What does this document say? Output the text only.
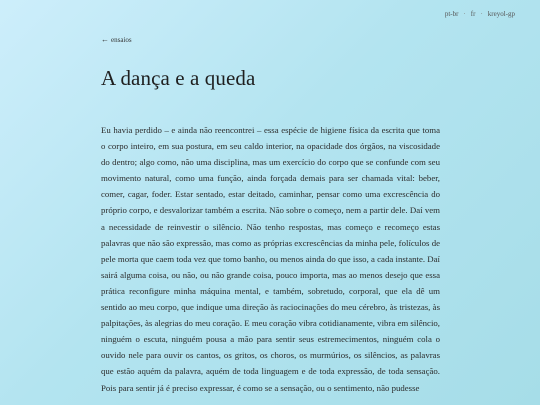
pt-br · fr · kreyol-gp
← ensaios
A dança e a queda

Eu havia perdido – e ainda não reencontrei – essa espécie de higiene física da escrita que toma o corpo inteiro, em sua postura, em seu caldo interior, na opacidade dos órgãos, na viscosidade do dentro; algo como, não uma disciplina, mas um exercício do corpo que se confunde com seu movimento natural, como uma função, ainda forçada demais para ser chamada vital: beber, comer, cagar, foder. Estar sentado, estar deitado, caminhar, pensar como uma excrescência do próprio corpo, e desvalorizar também a escrita. Não sobre o começo, nem a partir dele. Daí vem a necessidade de reinvestir o silêncio. Não tenho respostas, mas começo e recomeço estas palavras que não são expressão, mas como as próprias excrescências da minha pele, folículos de pele morta que caem toda vez que tomo banho, ou menos ainda do que isso, a cada instante. Daí sairá alguma coisa, ou não, ou não grande coisa, pouco importa, mas ao menos desejo que essa prática reconfigure minha máquina mental, e também, sobretudo, corporal, que ela dê um sentido ao meu corpo, que indique uma direção às raciocinações do meu cérebro, às tristezas, às palpitações, às alegrias do meu coração. E meu coração vibra cotidianamente, vibra em silêncio, ninguém o escuta, ninguém pousa a mão para sentir seus estremecimentos, ninguém cola o ouvido nele para ouvir os cantos, os gritos, os choros, os murmúrios, os silêncios, as palavras que estão aquém da palavra, aquém de toda linguagem e de toda expressão, de toda sensação. Pois para sentir já é preciso expressar, é como se a sensação, ou o sentimento, não pudesse
